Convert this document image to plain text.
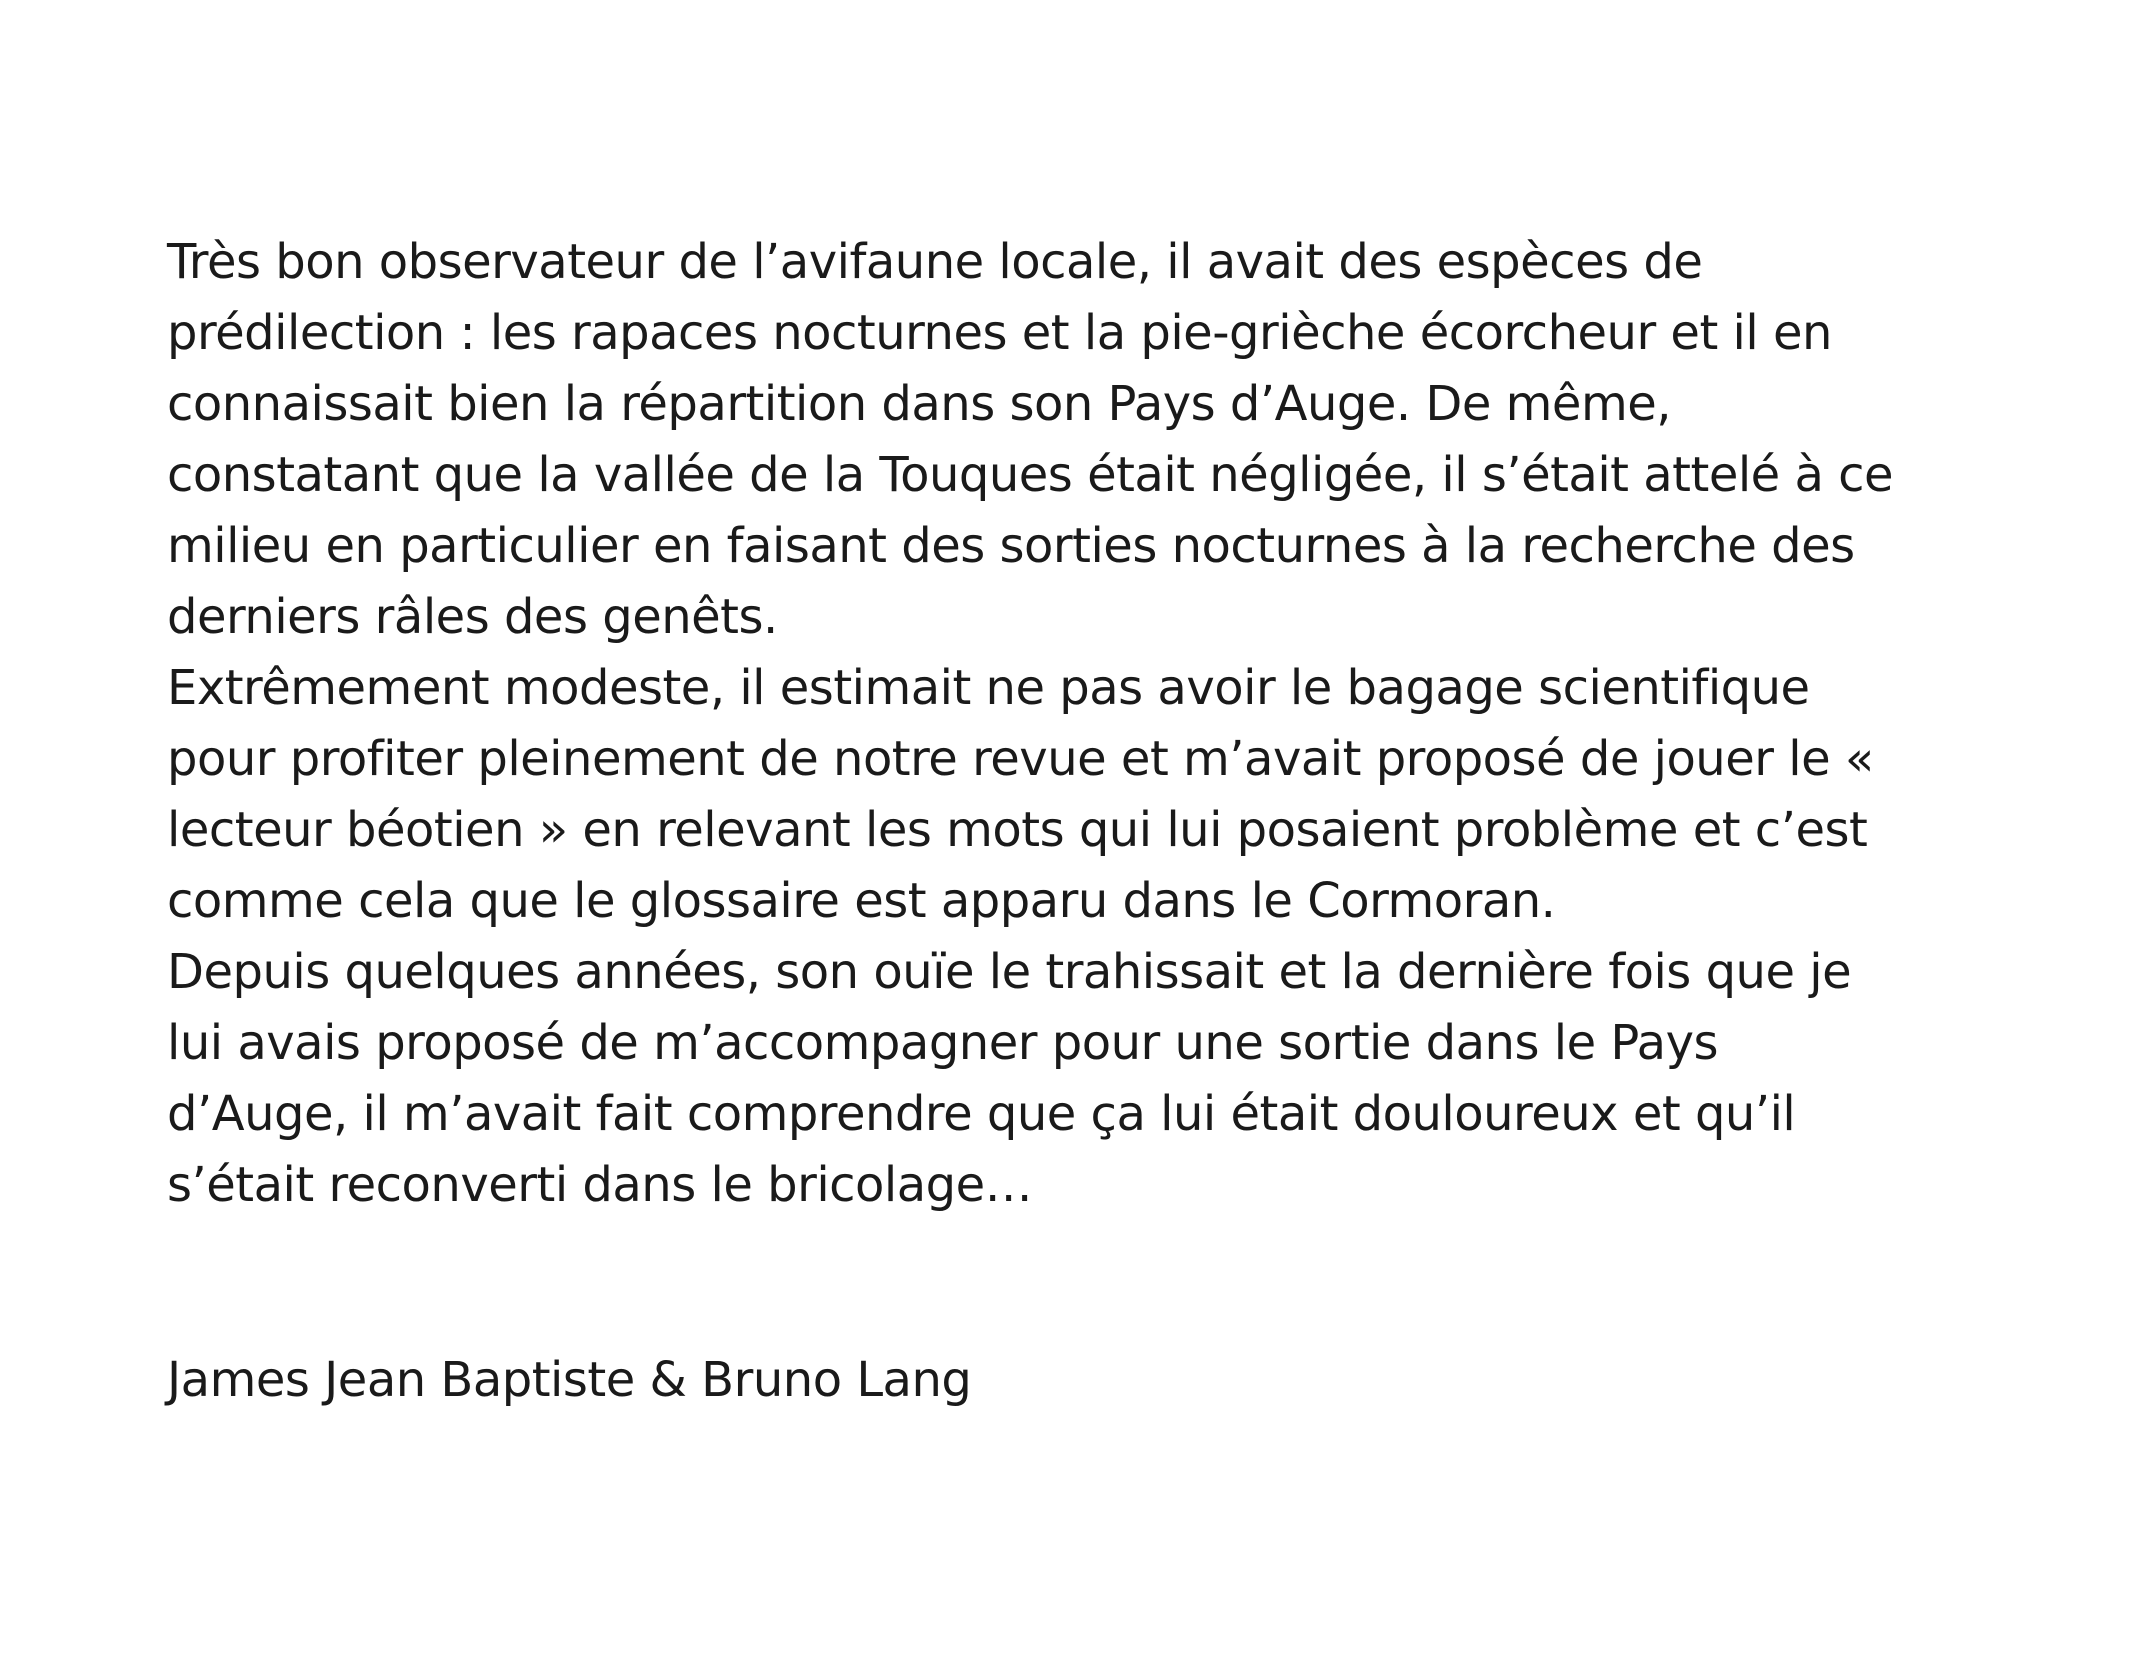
Très bon observateur de l’avifaune locale, il avait des espèces de
prédilection : les rapaces nocturnes et la pie-grièche écorcheur et il en
connaissait bien la répartition dans son Pays d’Auge. De même,
constatant que la vallée de la Touques était négligée, il s’était attelé à ce
milieu en particulier en faisant des sorties nocturnes à la recherche des
derniers râles des genêts.
Extrêmement modeste, il estimait ne pas avoir le bagage scientifique
pour profiter pleinement de notre revue et m’avait proposé de jouer le «
lecteur béotien » en relevant les mots qui lui posaient problème et c’est
comme cela que le glossaire est apparu dans le Cormoran.
Depuis quelques années, son ouïe le trahissait et la dernière fois que je
lui avais proposé de m’accompagner pour une sortie dans le Pays
d’Auge, il m’avait fait comprendre que ça lui était douloureux et qu’il
s’était reconverti dans le bricolage…
James Jean Baptiste & Bruno Lang
